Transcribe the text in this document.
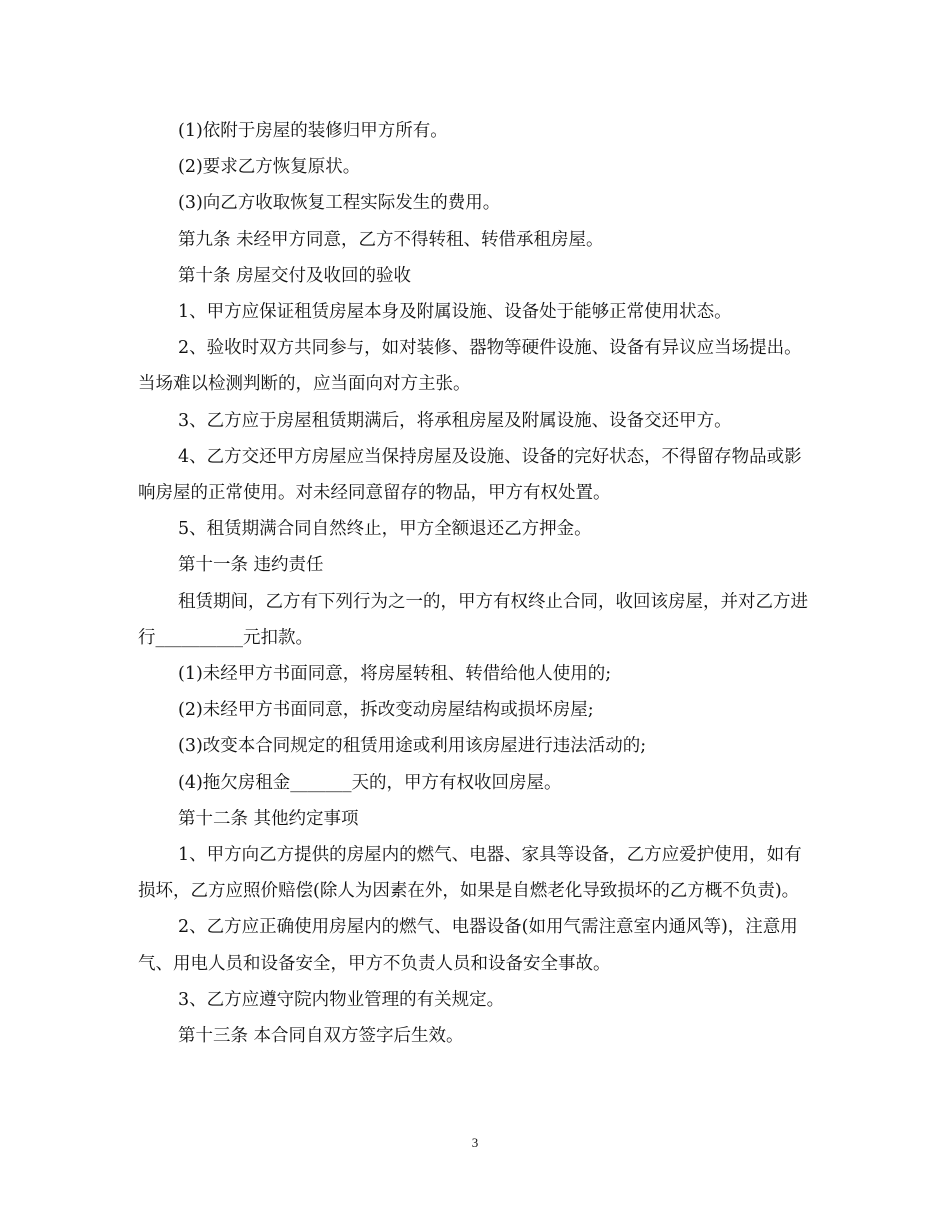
(1)依附于房屋的装修归甲方所有。

(2)要求乙方恢复原状。

(3)向乙方收取恢复工程实际发生的费用。

第九条 未经甲方同意，乙方不得转租、转借承租房屋。

第十条 房屋交付及收回的验收

1、甲方应保证租赁房屋本身及附属设施、设备处于能够正常使用状态。

2、验收时双方共同参与，如对装修、器物等硬件设施、设备有异议应当场提出。当场难以检测判断的，应当面向对方主张。

3、乙方应于房屋租赁期满后，将承租房屋及附属设施、设备交还甲方。

4、乙方交还甲方房屋应当保持房屋及设施、设备的完好状态，不得留存物品或影响房屋的正常使用。对未经同意留存的物品，甲方有权处置。

5、租赁期满合同自然终止，甲方全额退还乙方押金。

第十一条 违约责任

租赁期间，乙方有下列行为之一的，甲方有权终止合同，收回该房屋，并对乙方进行__________元扣款。

(1)未经甲方书面同意，将房屋转租、转借给他人使用的;

(2)未经甲方书面同意，拆改变动房屋结构或损坏房屋;

(3)改变本合同规定的租赁用途或利用该房屋进行违法活动的;

(4)拖欠房租金_______天的，甲方有权收回房屋。

第十二条 其他约定事项

1、甲方向乙方提供的房屋内的燃气、电器、家具等设备，乙方应爱护使用，如有损坏，乙方应照价赔偿(除人为因素在外，如果是自燃老化导致损坏的乙方概不负责)。

2、乙方应正确使用房屋内的燃气、电器设备(如用气需注意室内通风等)，注意用气、用电人员和设备安全，甲方不负责人员和设备安全事故。

3、乙方应遵守院内物业管理的有关规定。

第十三条 本合同自双方签字后生效。

3
